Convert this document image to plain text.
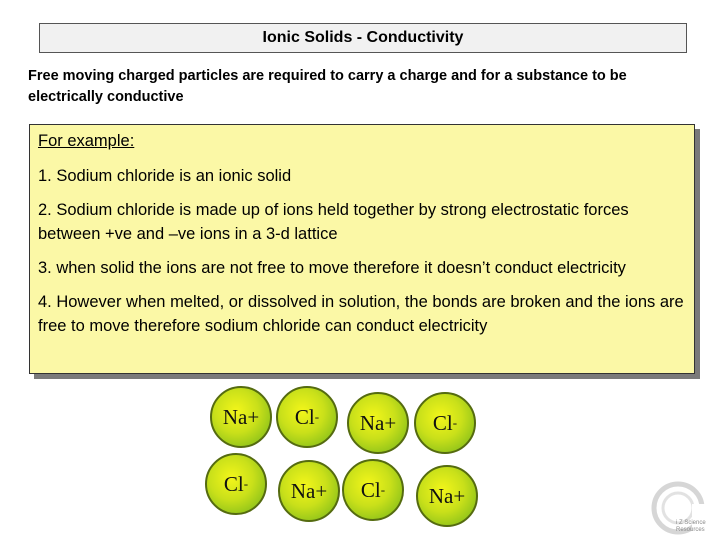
Ionic Solids - Conductivity

Free moving charged particles are required to carry a charge and for a substance to be electrically conductive

For example:
1. Sodium chloride is an ionic solid
2. Sodium chloride is made up of ions held together by strong electrostatic forces between +ve and –ve ions in a 3-d lattice
3. when solid the ions are not free to move therefore it doesn’t conduct electricity
4. However when melted, or dissolved in solution, the bonds are broken and the ions are free to move therefore sodium chloride can conduct electricity
Na+ Cl - Na+ Cl -
Cl - Na+ Cl - Na+
i Z Science
Resources
